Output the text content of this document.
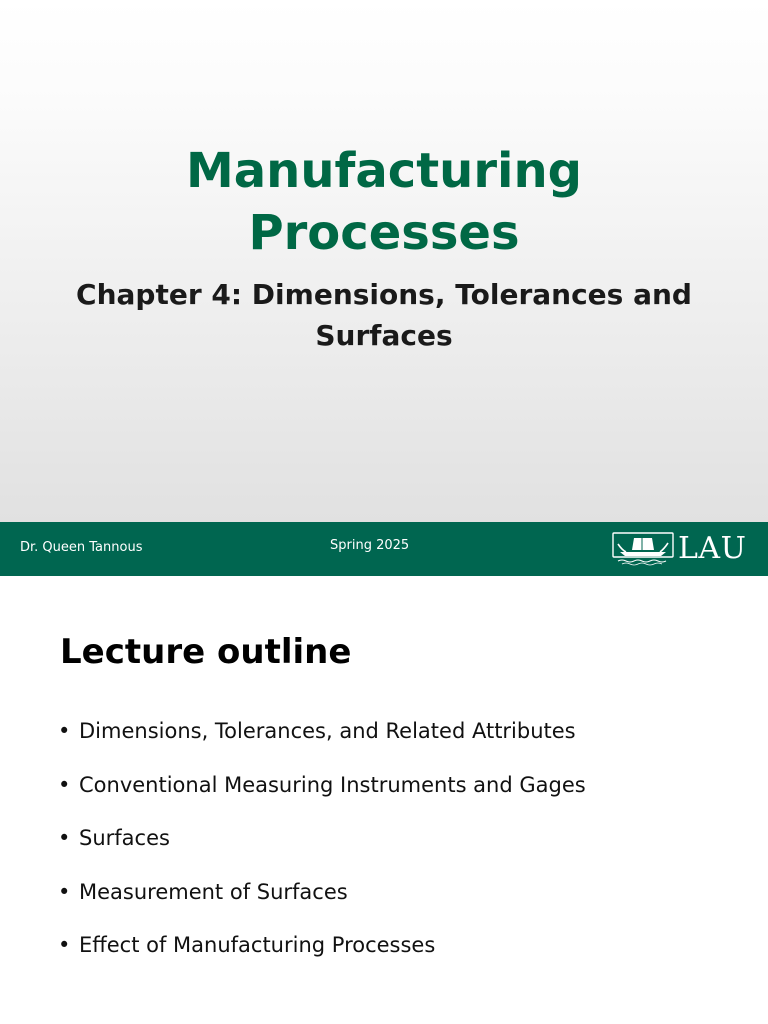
Manufacturing
Processes
Chapter 4: Dimensions, Tolerances and
Surfaces
Dr. Queen Tannous	Spring 2025	LAU
Lecture outline
• Dimensions, Tolerances, and Related Attributes
• Conventional Measuring Instruments and Gages
• Surfaces
• Measurement of Surfaces
• Effect of Manufacturing Processes
